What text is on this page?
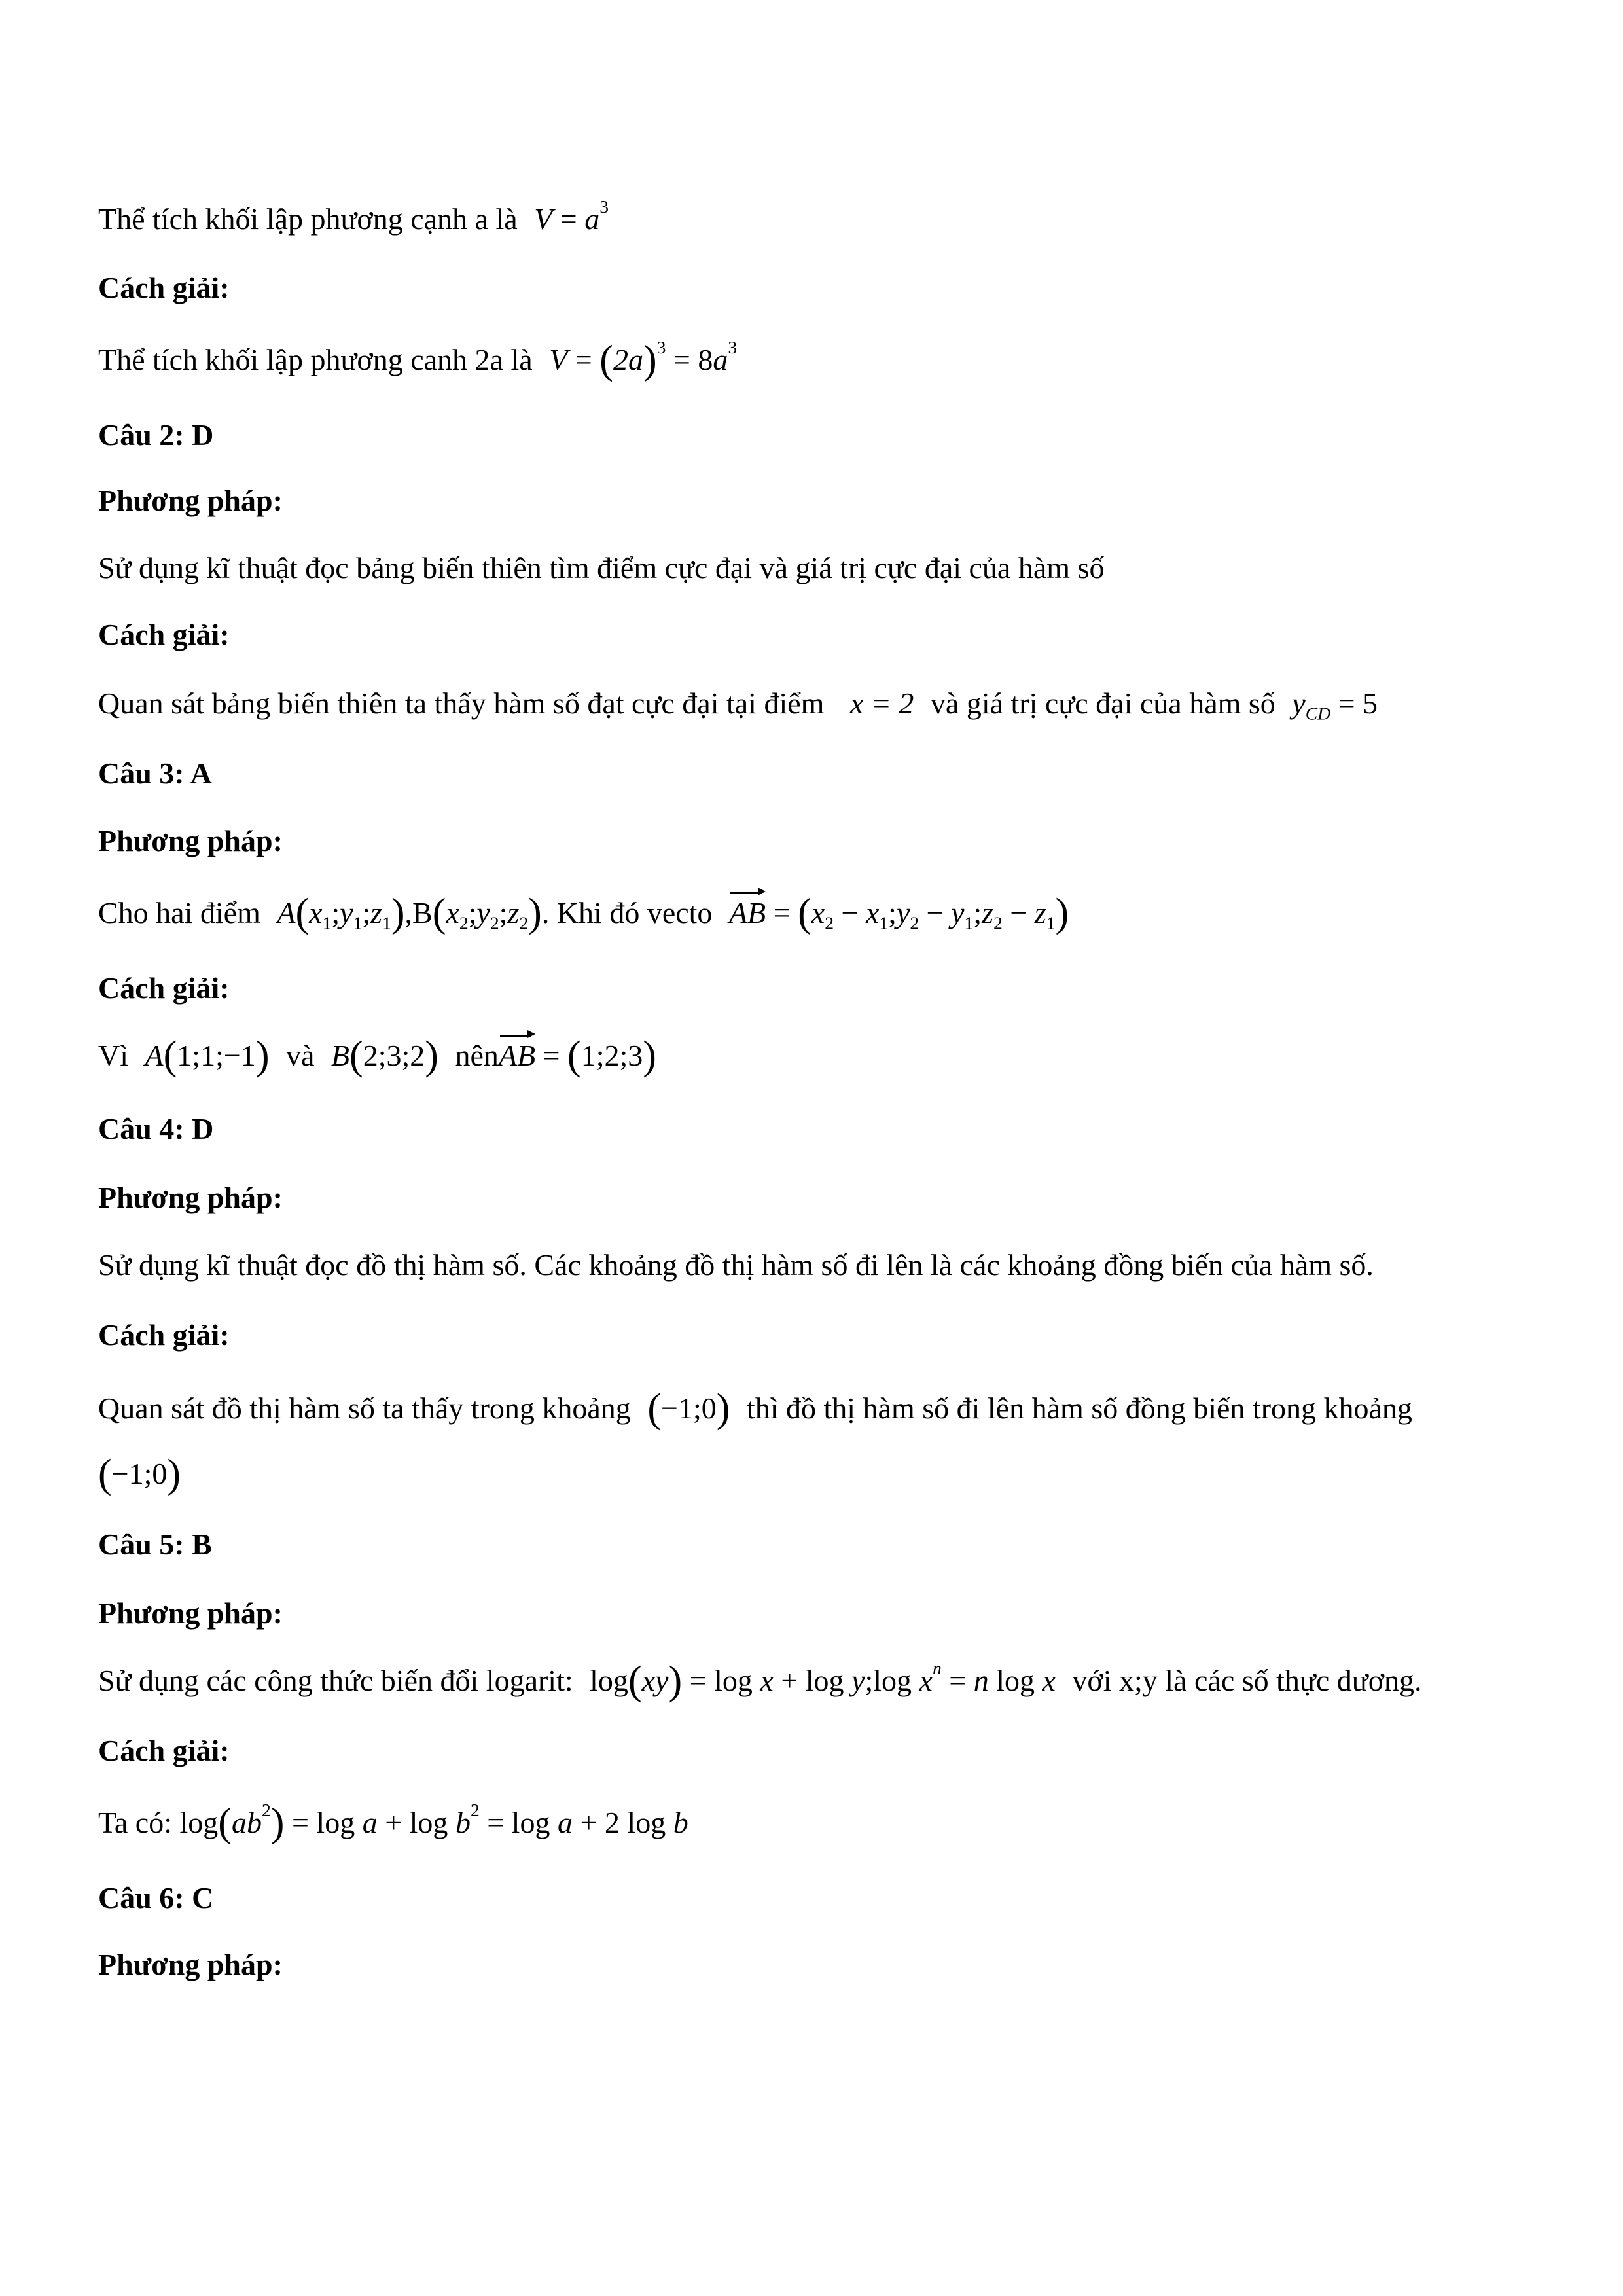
Thể tích khối lập phương cạnh a là $V = a^3$
Cách giải:
Thể tích khối lập phương canh 2a là $V = (2a)^3 = 8a^3$
Câu 2: D
Phương pháp:
Sử dụng kĩ thuật đọc bảng biến thiên tìm điểm cực đại và giá trị cực đại của hàm số
Cách giải:
Quan sát bảng biến thiên ta thấy hàm số đạt cực đại tại điểm x = 2 và giá trị cực đại của hàm số $y_{CD} = 5$
Câu 3: A
Phương pháp:
Cho hai điểm $A(x_1;y_1;z_1),B(x_2;y_2;z_2)$. Khi đó vecto AB = ($x_2$ − $x_1;y_2$ − $y_1;z_2 - z_1$)
Cách giải:
Vì A(1;1;−1) và B(2;3;2) nênAB = (1;2;3)
Câu 4: D
Phương pháp:
Sử dụng kĩ thuật đọc đồ thị hàm số. Các khoảng đồ thị hàm số đi lên là các khoảng đồng biến của hàm số.
Cách giải:
Quan sát đồ thị hàm số ta thấy trong khoảng (−1;0) thì đồ thị hàm số đi lên hàm số đồng biến trong khoảng
(−1;0)
Câu 5: B
Phương pháp:
Sử dụng các công thức biến đổi logarit: log(xy) = log x + log y;log $x^n = n$ log x với x;y là các số thực dương.
Cách giải:
Ta có: $\log(ab^2) = \log a + \log b^2 = \log a + 2$ log b
Câu 6: C
Phương pháp:
